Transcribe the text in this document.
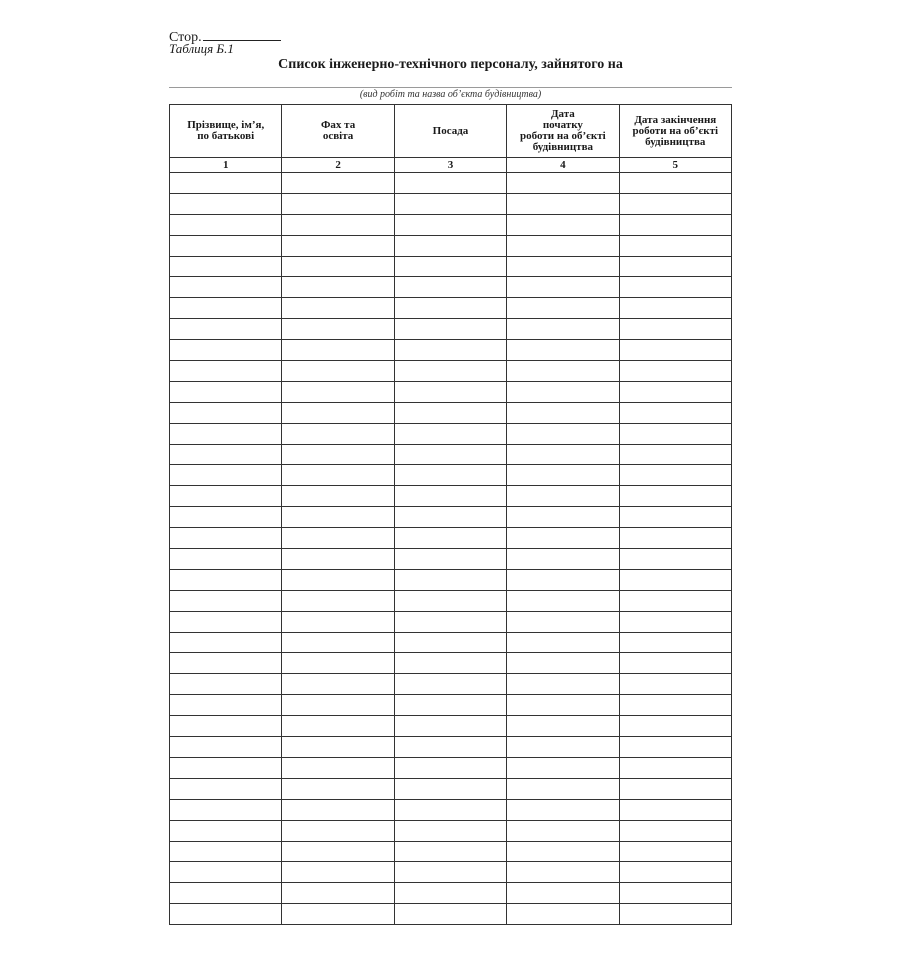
Стор.
Таблиця Б.1
Список інженерно-технічного персоналу, зайнятого на
(вид робіт та назва об’єкта будівництва)
Прізвище, ім’я,
по батькові	Фах та
освіта	Посада	Дата
початку
роботи на об’єкті
будівництва	Дата закінчення
роботи на об’єкті
будівництва
1	2	3	4	5
